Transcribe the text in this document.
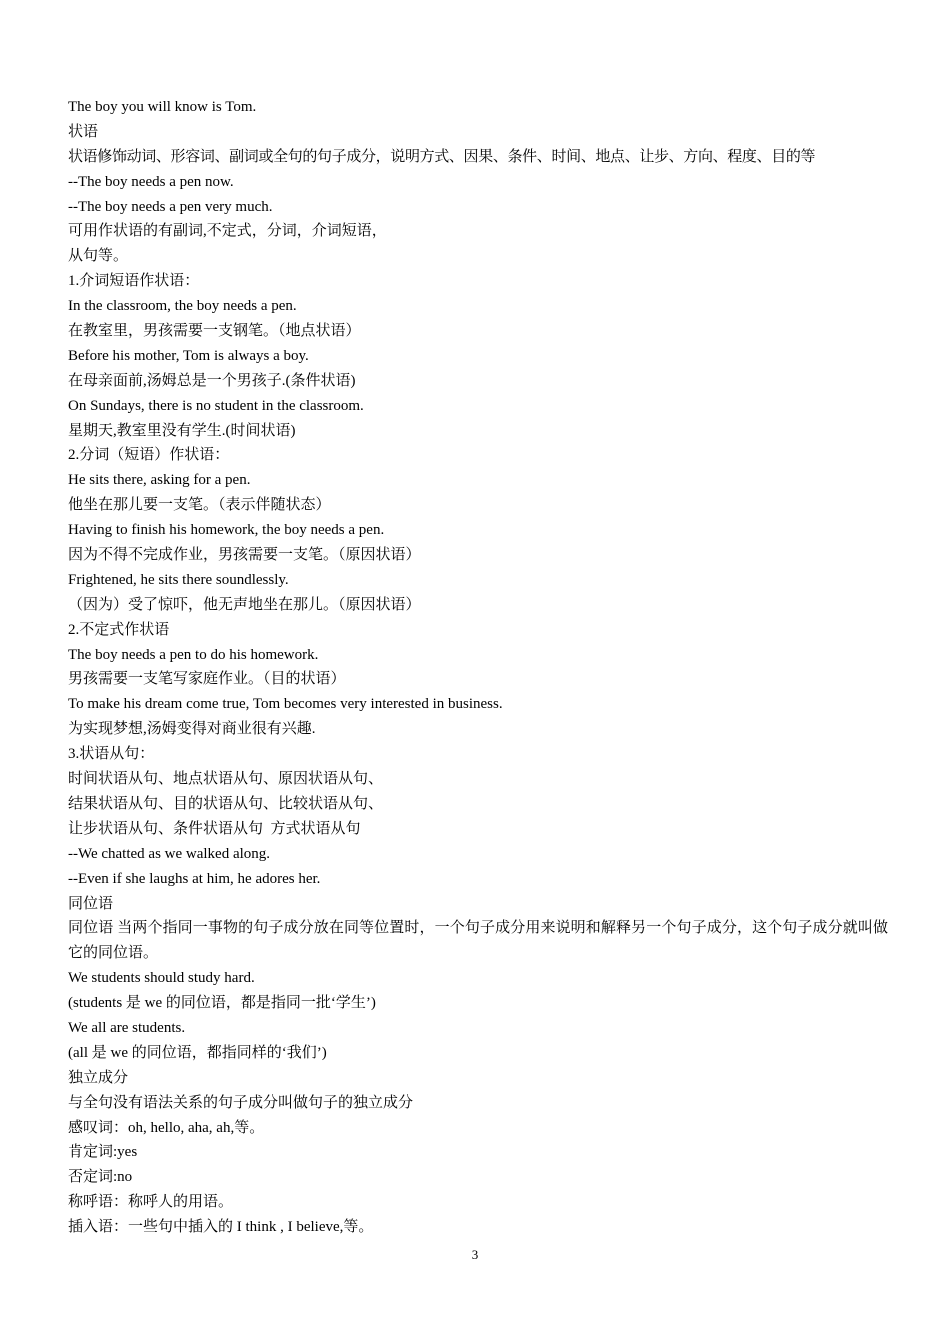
The boy you will know is Tom.
状语
状语修饰动词、形容词、副词或全句的句子成分，说明方式、因果、条件、时间、地点、让步、方向、程度、目的等
--The boy needs a pen now.
--The boy needs a pen very much.
可用作状语的有副词,不定式，分词，介词短语，
从句等。
1.介词短语作状语：
In the classroom, the boy needs a pen.
在教室里，男孩需要一支钢笔。（地点状语）
Before his mother, Tom is always a boy.
在母亲面前,汤姆总是一个男孩子.(条件状语)
On Sundays, there is no student in the classroom.
星期天,教室里没有学生.(时间状语)
2.分词（短语）作状语：
He sits there, asking for a pen.
他坐在那儿要一支笔。（表示伴随状态）
Having to finish his homework, the boy needs a pen.
因为不得不完成作业，男孩需要一支笔。（原因状语）
Frightened, he sits there soundlessly.
（因为）受了惊吓，他无声地坐在那儿。（原因状语）
2.不定式作状语
The boy needs a pen to do his homework.
男孩需要一支笔写家庭作业。（目的状语）
To make his dream come true, Tom becomes very interested in business.
为实现梦想,汤姆变得对商业很有兴趣.
3.状语从句：
时间状语从句、地点状语从句、原因状语从句、
结果状语从句、目的状语从句、比较状语从句、
让步状语从句、条件状语从句  方式状语从句
--We chatted as we walked along.
--Even if she laughs at him, he adores her.
同位语
同位语 当两个指同一事物的句子成分放在同等位置时，一个句子成分用来说明和解释另一个句子成分，这个句子成分就叫做它的同位语。
We students should study hard.
(students 是 we 的同位语，都是指同一批‘学生’)
We all are students.
(all 是 we 的同位语，都指同样的‘我们’)
独立成分
与全句没有语法关系的句子成分叫做句子的独立成分
感叹词：oh, hello, aha, ah,等。
肯定词:yes
否定词:no
称呼语：称呼人的用语。
插入语：一些句中插入的 I think , I believe,等。
3
